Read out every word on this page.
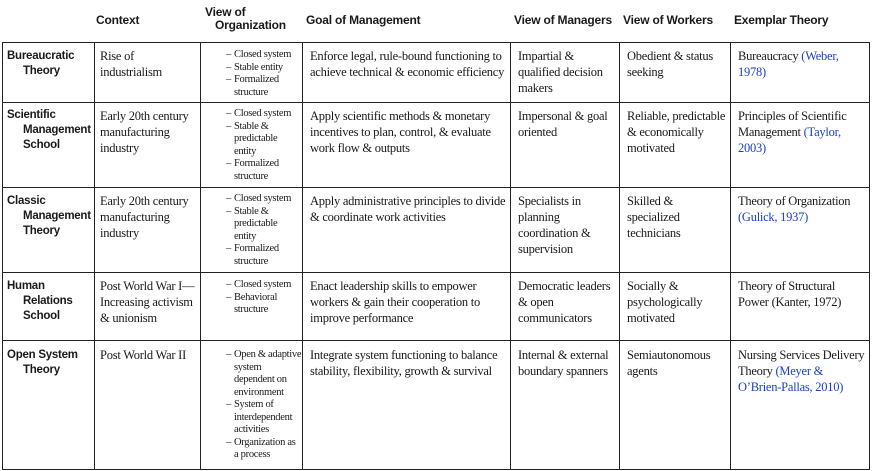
Context
View of
Organization Goal of Management	View of Managers View of Workers Exemplar Theory
Bureaucratic
Theory
Rise of industrialism
– Closed system
– Stable entity
– Formalized structure
Enforce legal, rule-bound functioning to achieve technical & economic efficiency
Impartial & qualified decision makers
Obedient & status seeking
Bureaucracy (Weber, 1978)
Scientific
Management
School
Early 20th century manufacturing industry
– Closed system
– Stable & predictable entity
– Formalized structure
Apply scientific methods & monetary incentives to plan, control, & evaluate work flow & outputs
Impersonal & goal oriented
Reliable, predictable & economically motivated
Principles of Scientific Management (Taylor, 2003)
Classic
Management
Theory
Early 20th century manufacturing industry
– Closed system
– Stable & predictable entity
– Formalized structure
Apply administrative principles to divide & coordinate work activities
Specialists in planning coordination & supervision
Skilled & specialized technicians
Theory of Organization (Gulick, 1937)
Human
Relations
School
Post World War I— Increasing activism & unionism
– Closed system
– Behavioral structure
Enact leadership skills to empower workers & gain their cooperation to improve performance
Democratic leaders & open communicators
Socially & psychologically motivated
Theory of Structural Power (Kanter, 1972)
Open System
Theory
Post World War II
–	Open & adaptive system dependent on environment
– System of interdependent activities
– Organization as a process
Integrate system functioning to balance stability, flexibility, growth & survival
Internal & external boundary spanners
Semiautonomous agents
Nursing Services Delivery Theory (Meyer & O’Brien-Pallas, 2010)
